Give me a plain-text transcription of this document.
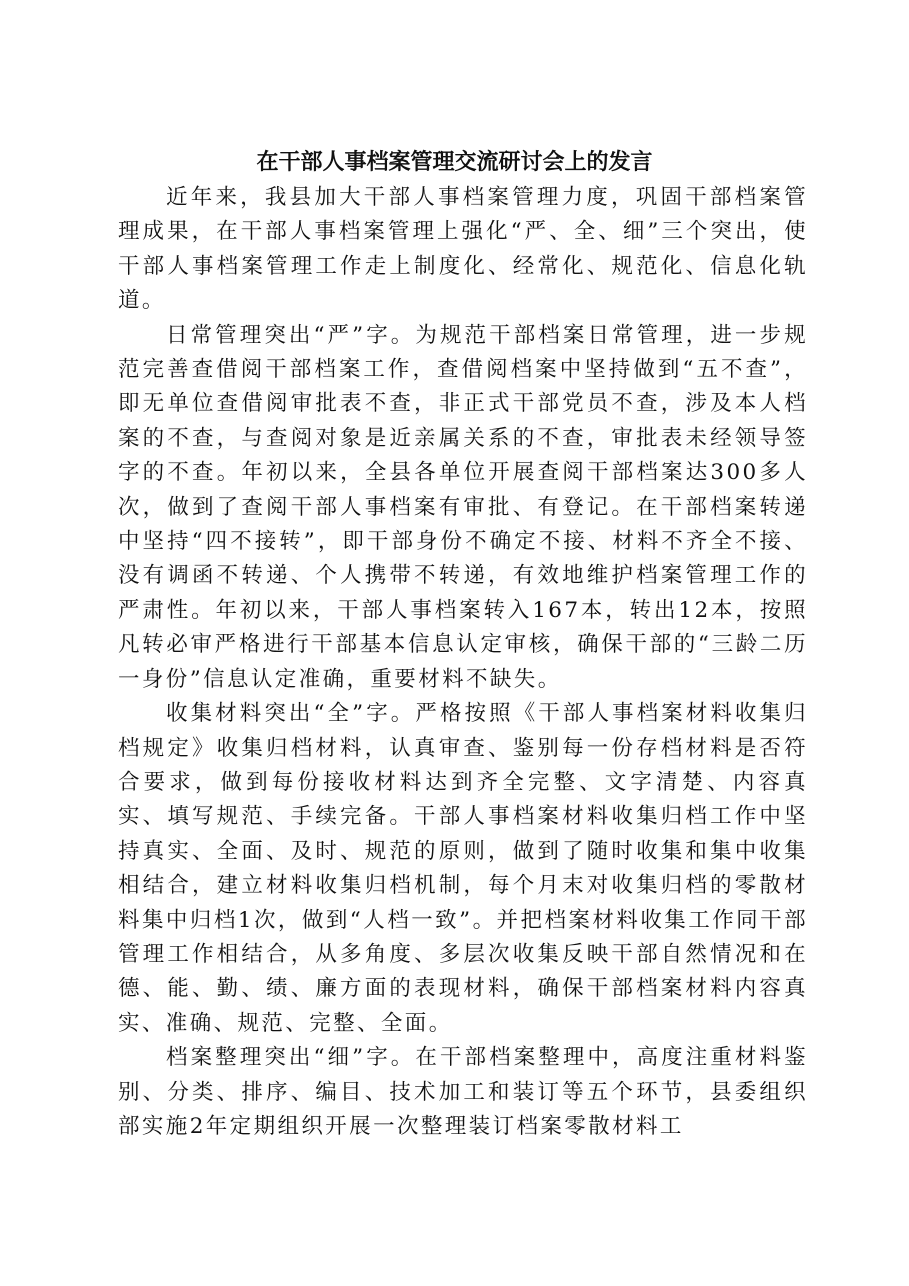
在干部人事档案管理交流研讨会上的发言

近年来，我县加大干部人事档案管理力度，巩固干部档案管理成果，在干部人事档案管理上强化“严、全、细”三个突出，使干部人事档案管理工作走上制度化、经常化、规范化、信息化轨道。

日常管理突出“严”字。为规范干部档案日常管理，进一步规范完善查借阅干部档案工作，查借阅档案中坚持做到“五不查”，即无单位查借阅审批表不查，非正式干部党员不查，涉及本人档案的不查，与查阅对象是近亲属关系的不查，审批表未经领导签字的不查。年初以来，全县各单位开展查阅干部档案达300多人次，做到了查阅干部人事档案有审批、有登记。在干部档案转递中坚持“四不接转”，即干部身份不确定不接、材料不齐全不接、没有调函不转递、个人携带不转递，有效地维护档案管理工作的严肃性。年初以来，干部人事档案转入167本，转出12本，按照凡转必审严格进行干部基本信息认定审核，确保干部的“三龄二历一身份”信息认定准确，重要材料不缺失。

收集材料突出“全”字。严格按照《干部人事档案材料收集归档规定》收集归档材料，认真审查、鉴别每一份存档材料是否符合要求，做到每份接收材料达到齐全完整、文字清楚、内容真实、填写规范、手续完备。干部人事档案材料收集归档工作中坚持真实、全面、及时、规范的原则，做到了随时收集和集中收集相结合，建立材料收集归档机制，每个月末对收集归档的零散材料集中归档1次，做到“人档一致”。并把档案材料收集工作同干部管理工作相结合，从多角度、多层次收集反映干部自然情况和在德、能、勤、绩、廉方面的表现材料，确保干部档案材料内容真实、准确、规范、完整、全面。

档案整理突出“细”字。在干部档案整理中，高度注重材料鉴别、分类、排序、编目、技术加工和装订等五个环节，县委组织部实施2年定期组织开展一次整理装订档案零散材料工
